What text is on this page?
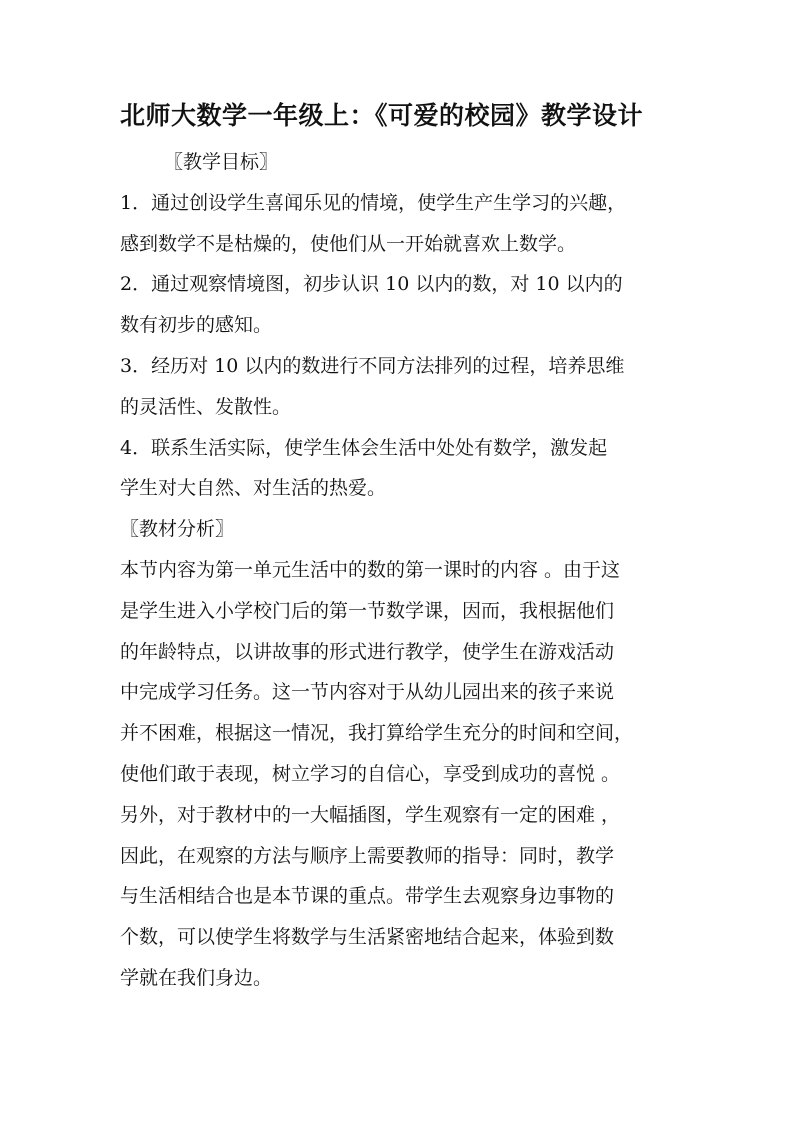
北师大数学一年级上：《可爱的校园》教学设计
〖教学目标〗
1．通过创设学生喜闻乐见的情境，使学生产生学习的兴趣，
感到数学不是枯燥的，使他们从一开始就喜欢上数学。
2．通过观察情境图，初步认识 10 以内的数，对 10 以内的
数有初步的感知。
3．经历对 10 以内的数进行不同方法排列的过程，培养思维
的灵活性、发散性。
4．联系生活实际，使学生体会生活中处处有数学，激发起
学生对大自然、对生活的热爱。
〖教材分析〗
本节内容为第一单元生活中的数的第一课时的内容 。由于这
是学生进入小学校门后的第一节数学课，因而，我根据他们
的年龄特点，以讲故事的形式进行教学，使学生在游戏活动
中完成学习任务。这一节内容对于从幼儿园出来的孩子来说
并不困难，根据这一情况，我打算给学生充分的时间和空间，
使他们敢于表现，树立学习的自信心，享受到成功的喜悦 。
另外，对于教材中的一大幅插图，学生观察有一定的困难 ，
因此，在观察的方法与顺序上需要教师的指导：同时，教学
与生活相结合也是本节课的重点。带学生去观察身边事物的
个数，可以使学生将数学与生活紧密地结合起来，体验到数
学就在我们身边。
